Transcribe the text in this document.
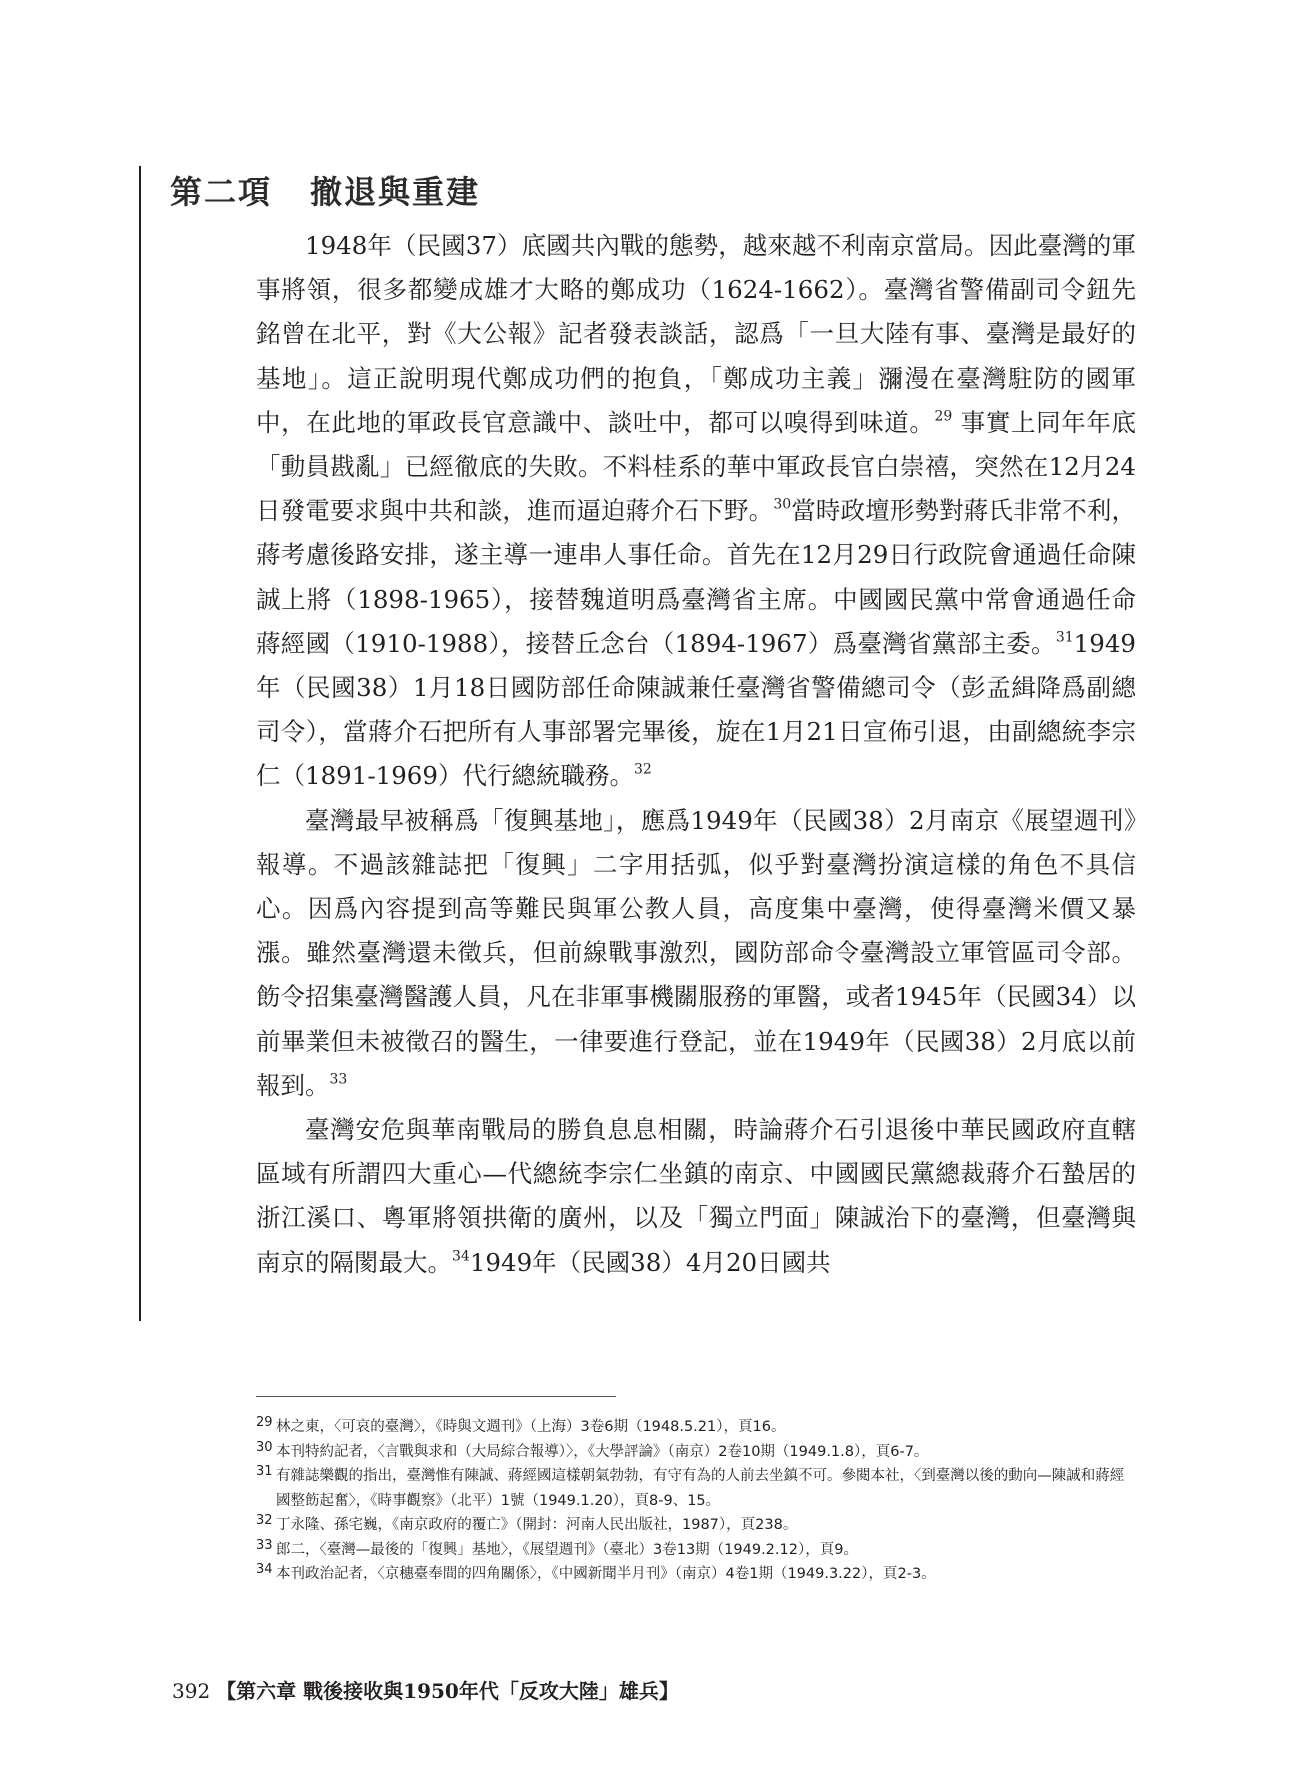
第二項 撤退與重建

1948年（民國37）底國共內戰的態勢，越來越不利南京當局。因此臺灣的軍事將領，很多都變成雄才大略的鄭成功（1624-1662）。臺灣省警備副司令鈕先銘曾在北平，對《大公報》記者發表談話，認爲「一旦大陸有事、臺灣是最好的基地」。這正說明現代鄭成功們的抱負，「鄭成功主義」瀰漫在臺灣駐防的國軍中，在此地的軍政長官意識中、談吐中，都可以嗅得到味道。$^{29}$ 事實上同年年底「動員戡亂」已經徹底的失敗。不料桂系的華中軍政長官白崇禧，突然在12月24日發電要求與中共和談，進而逼迫蔣介石下野。$^{30}$當時政壇形勢對蔣氏非常不利，蔣考慮後路安排，遂主導一連串人事任命。首先在12月29日行政院會通過任命陳誠上將（1898-1965），接替魏道明爲臺灣省主席。中國國民黨中常會通過任命蔣經國（1910-1988），接替丘念台（1894-1967）爲臺灣省黨部主委。$^{31}$1949年（民國38）1月18日國防部任命陳誠兼任臺灣省警備總司令（彭孟緝降爲副總司令），當蔣介石把所有人事部署完畢後，旋在1月21日宣佈引退，由副總統李宗仁（1891-1969）代行總統職務。$^{32}$

臺灣最早被稱爲「復興基地」，應爲1949年（民國38）2月南京《展望週刊》報導。不過該雜誌把「復興」二字用括弧，似乎對臺灣扮演這樣的角色不具信心。因爲內容提到高等難民與軍公教人員，高度集中臺灣，使得臺灣米價又暴漲。雖然臺灣還未徵兵，但前線戰事激烈，國防部命令臺灣設立軍管區司令部。飭令招集臺灣醫護人員，凡在非軍事機關服務的軍醫，或者1945年（民國34）以前畢業但未被徵召的醫生，一律要進行登記，並在1949年（民國38）2月底以前報到。$^{33}$

臺灣安危與華南戰局的勝負息息相關，時論蔣介石引退後中華民國政府直轄區域有所謂四大重心—代總統李宗仁坐鎮的南京、中國國民黨總裁蔣介石蟄居的浙江溪口、粵軍將領拱衛的廣州，以及「獨立門面」陳誠治下的臺灣，但臺灣與南京的隔閡最大。$^{34}$1949年（民國38）4月20日國共

29 林之東，〈可哀的臺灣〉，《時與文週刊》（上海）3卷6期（1948.5.21），頁16。
30 本刊特約記者，〈言戰與求和（大局綜合報導）〉，《大學評論》（南京）2卷10期（1949.1.8），頁6-7。
31 有雜誌樂觀的指出，臺灣惟有陳誠、蔣經國這樣朝氣勃勃，有守有為的人前去坐鎮不可。參閱本社，〈到臺灣以後的動向—陳誠和蔣經國整飭起奮〉，《時事觀察》（北平）1號（1949.1.20），頁8-9、15。
32 丁永隆、孫宅巍，《南京政府的覆亡》（開封：河南人民出版社，1987），頁238。
33 郎二，〈臺灣—最後的「復興」基地〉，《展望週刊》（臺北）3卷13期（1949.2.12），頁9。
34 本刊政治記者，〈京穗臺奉間的四角關係〉，《中國新聞半月刊》（南京）4卷1期（1949.3.22），頁2-3。

392 【第六章 戰後接收與1950年代「反攻大陸」雄兵】
